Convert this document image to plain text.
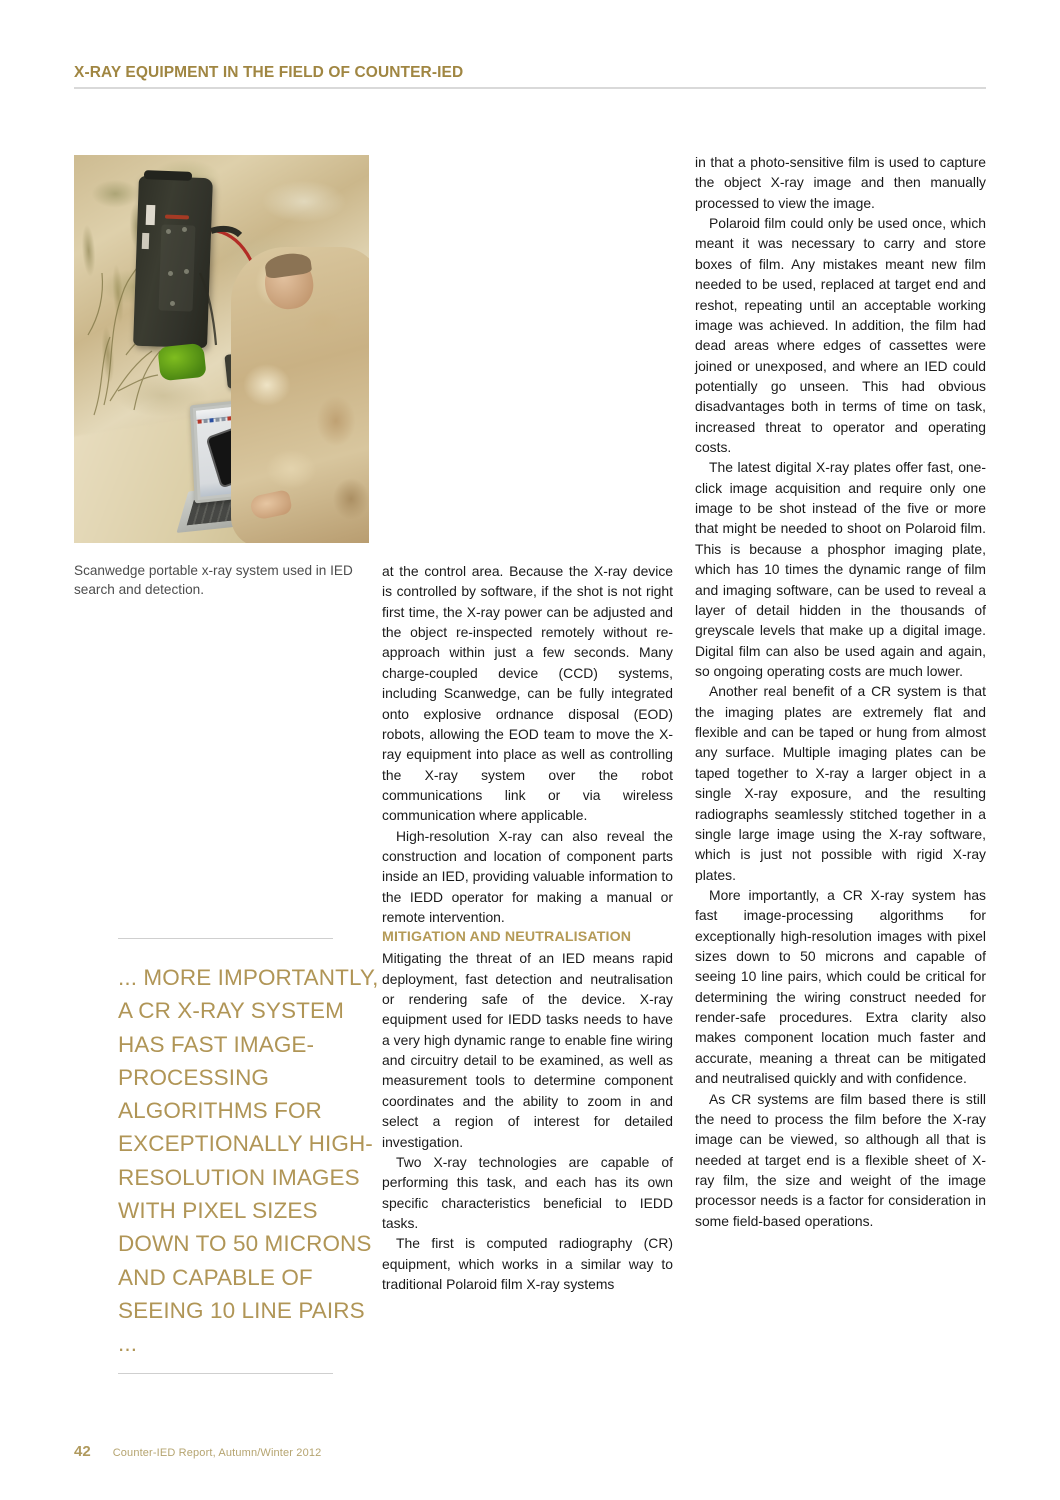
X-RAY EQUIPMENT IN THE FIELD OF COUNTER-IED
Scanwedge portable x-ray system used in IED search and detection.
... MORE IMPORTANTLY, A CR X-RAY SYSTEM HAS FAST IMAGE-PROCESSING ALGORITHMS FOR EXCEPTIONALLY HIGH-RESOLUTION IMAGES WITH PIXEL SIZES DOWN TO 50 MICRONS AND CAPABLE OF SEEING 10 LINE PAIRS ...

at the control area. Because the X-ray device is controlled by software, if the shot is not right first time, the X-ray power can be adjusted and the object re-inspected remotely without re-approach within just a few seconds. Many charge-coupled device (CCD) systems, including Scanwedge, can be fully integrated onto explosive ordnance disposal (EOD) robots, allowing the EOD team to move the X-ray equipment into place as well as controlling the X-ray system over the robot communications link or via wireless communication where applicable.

High-resolution X-ray can also reveal the construction and location of component parts inside an IED, providing valuable information to the IEDD operator for making a manual or remote intervention.

MITIGATION AND NEUTRALISATION

Mitigating the threat of an IED means rapid deployment, fast detection and neutralisation or rendering safe of the device. X-ray equipment used for IEDD tasks needs to have a very high dynamic range to enable fine wiring and circuitry detail to be examined, as well as measurement tools to determine component coordinates and the ability to zoom in and select a region of interest for detailed investigation.

Two X-ray technologies are capable of performing this task, and each has its own specific characteristics beneficial to IEDD tasks.

The first is computed radiography (CR) equipment, which works in a similar way to traditional Polaroid film X-ray systems

in that a photo-sensitive film is used to capture the object X-ray image and then manually processed to view the image.

Polaroid film could only be used once, which meant it was necessary to carry and store boxes of film. Any mistakes meant new film needed to be used, replaced at target end and reshot, repeating until an acceptable working image was achieved. In addition, the film had dead areas where edges of cassettes were joined or unexposed, and where an IED could potentially go unseen. This had obvious disadvantages both in terms of time on task, increased threat to operator and operating costs.

The latest digital X-ray plates offer fast, one-click image acquisition and require only one image to be shot instead of the five or more that might be needed to shoot on Polaroid film. This is because a phosphor imaging plate, which has 10 times the dynamic range of film and imaging software, can be used to reveal a layer of detail hidden in the thousands of greyscale levels that make up a digital image. Digital film can also be used again and again, so ongoing operating costs are much lower.

Another real benefit of a CR system is that the imaging plates are extremely flat and flexible and can be taped or hung from almost any surface. Multiple imaging plates can be taped together to X-ray a larger object in a single X-ray exposure, and the resulting radiographs seamlessly stitched together in a single large image using the X-ray software, which is just not possible with rigid X-ray plates.

More importantly, a CR X-ray system has fast image-processing algorithms for exceptionally high-resolution images with pixel sizes down to 50 microns and capable of seeing 10 line pairs, which could be critical for determining the wiring construct needed for render-safe procedures. Extra clarity also makes component location much faster and accurate, meaning a threat can be mitigated and neutralised quickly and with confidence.

As CR systems are film based there is still the need to process the film before the X-ray image can be viewed, so although all that is needed at target end is a flexible sheet of X-ray film, the size and weight of the image processor needs is a factor for consideration in some field-based operations.

42 Counter-IED Report, Autumn/Winter 2012
